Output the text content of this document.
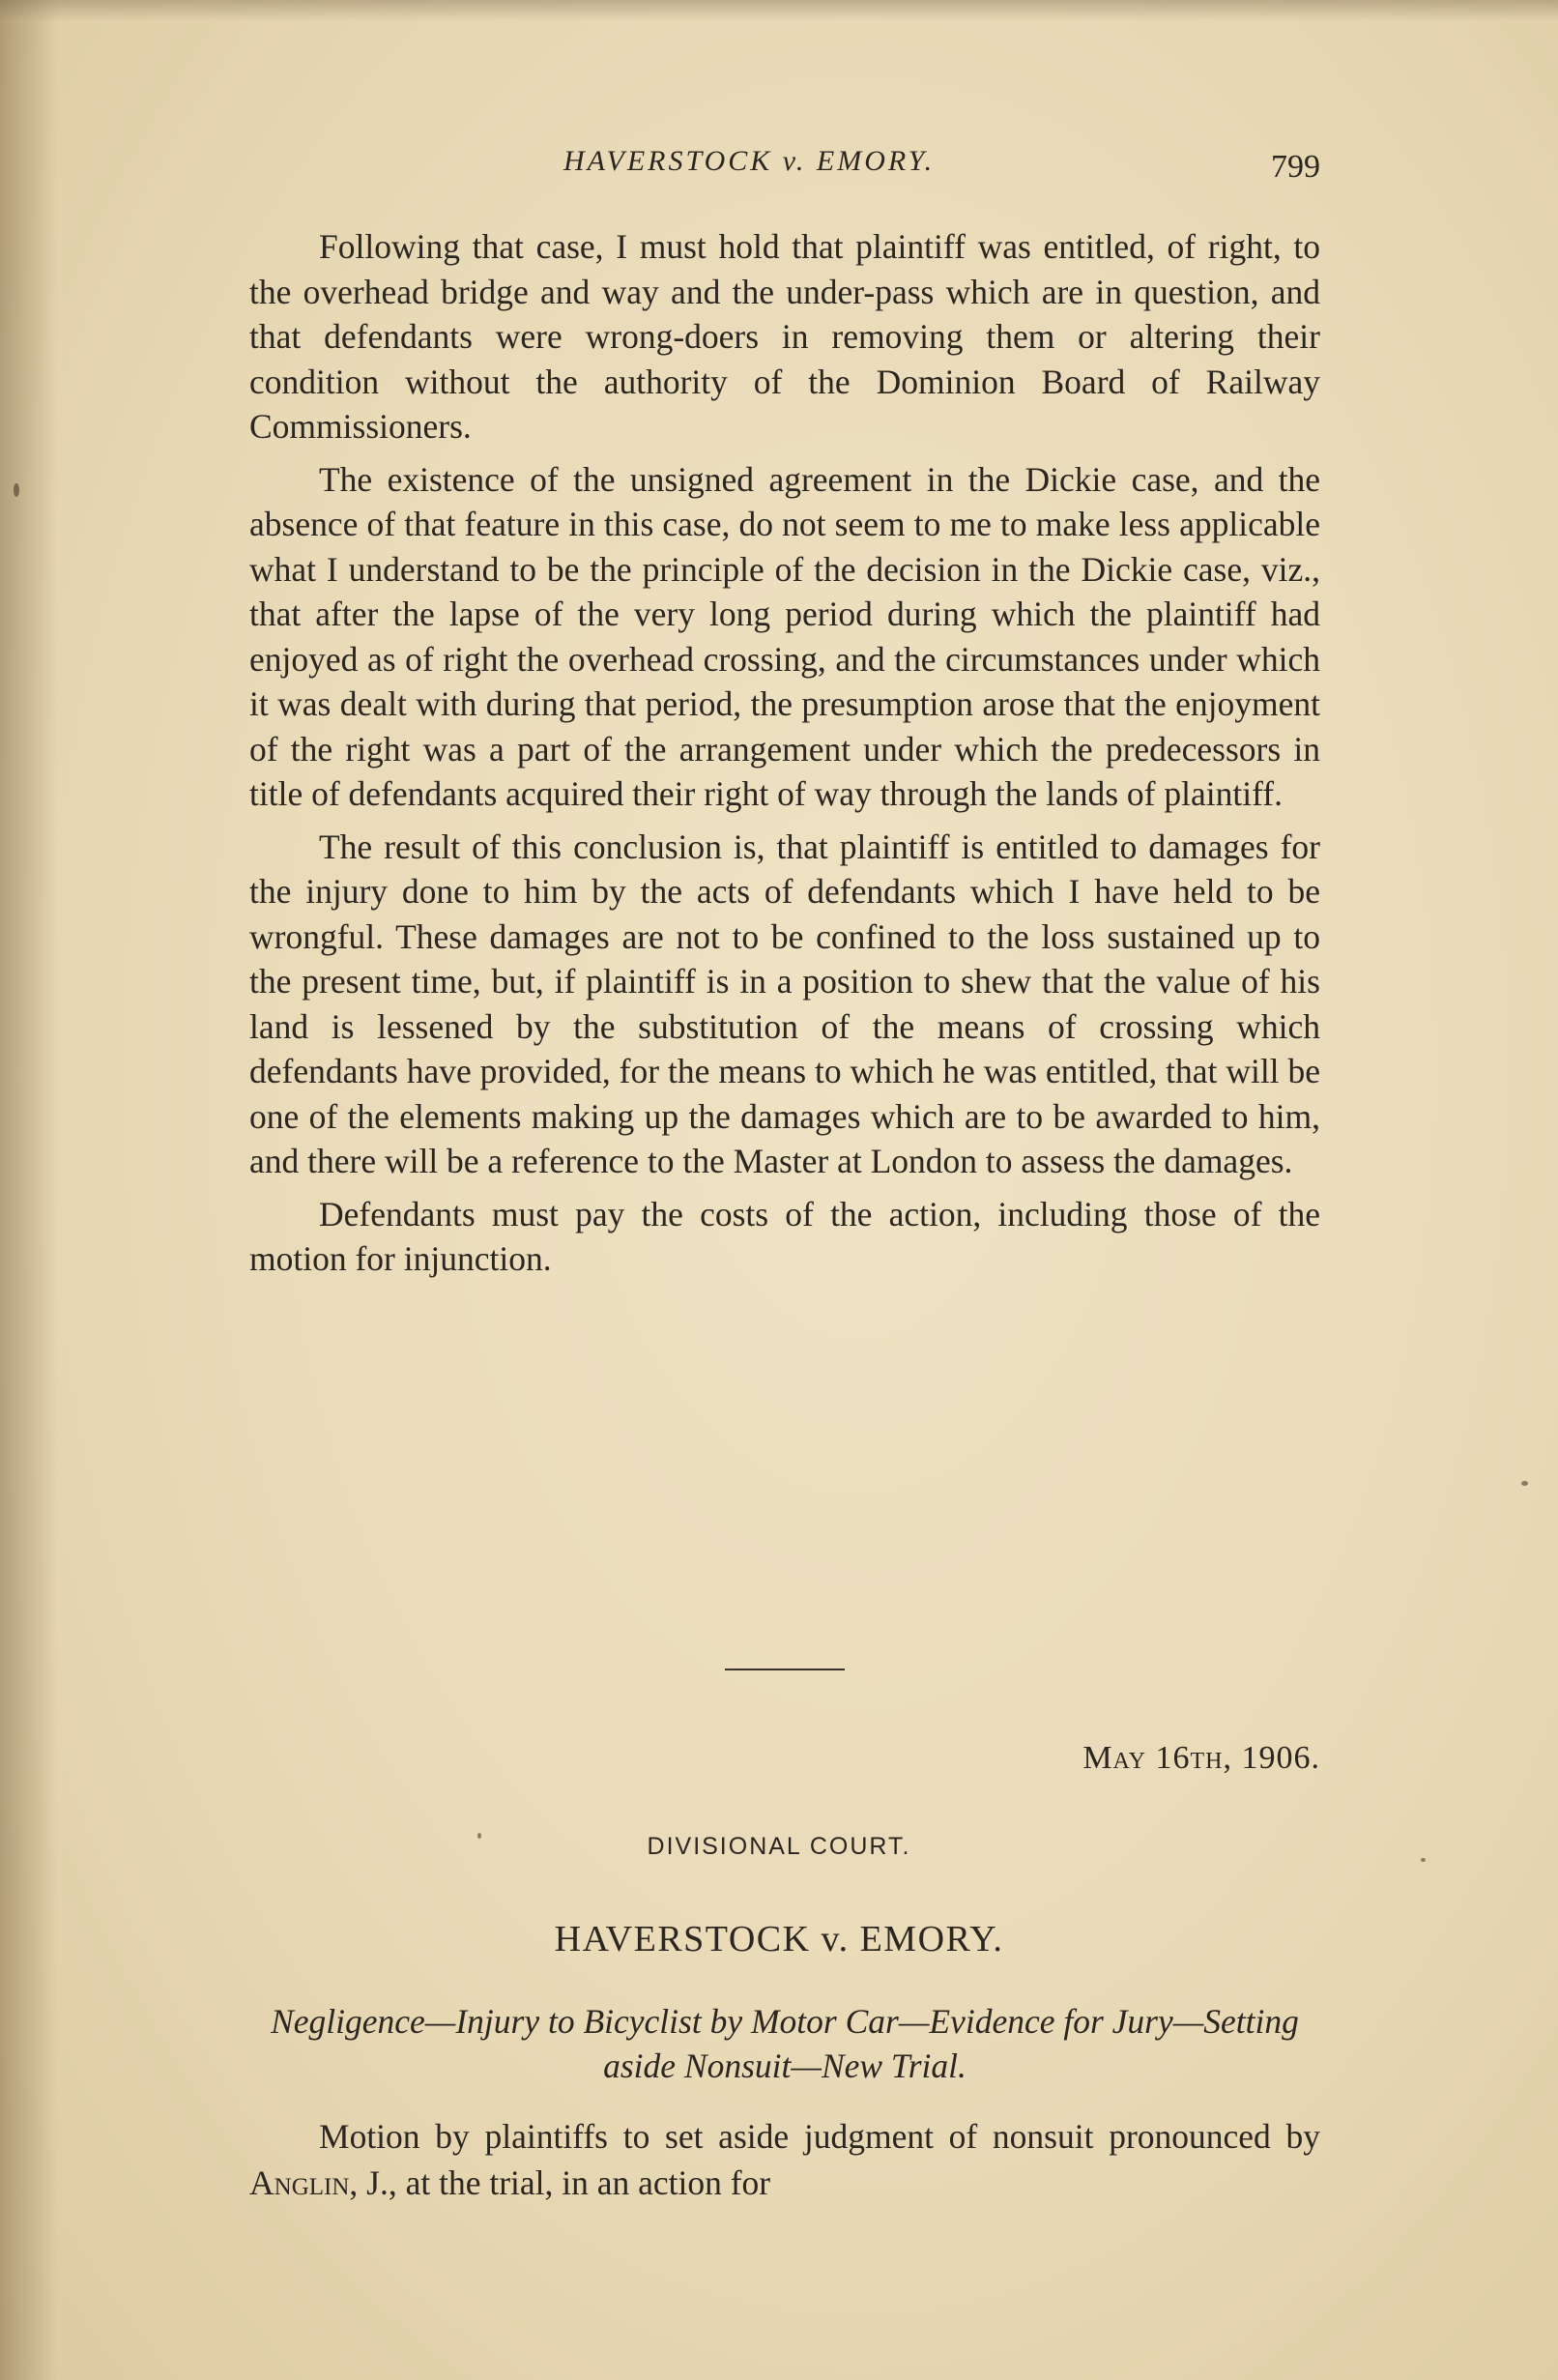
HAVERSTOCK v. EMORY.	799

Following that case, I must hold that plaintiff was entitled, of right, to the overhead bridge and way and the under-pass which are in question, and that defendants were wrong-doers in removing them or altering their condition without the authority of the Dominion Board of Railway Commissioners.

The existence of the unsigned agreement in the Dickie case, and the absence of that feature in this case, do not seem to me to make less applicable what I understand to be the principle of the decision in the Dickie case, viz., that after the lapse of the very long period during which the plaintiff had enjoyed as of right the overhead crossing, and the circumstances under which it was dealt with during that period, the presumption arose that the enjoyment of the right was a part of the arrangement under which the predecessors in title of defendants acquired their right of way through the lands of plaintiff.

The result of this conclusion is, that plaintiff is entitled to damages for the injury done to him by the acts of defendants which I have held to be wrongful. These damages are not to be confined to the loss sustained up to the present time, but, if plaintiff is in a position to shew that the value of his land is lessened by the substitution of the means of crossing which defendants have provided, for the means to which he was entitled, that will be one of the elements making up the damages which are to be awarded to him, and there will be a reference to the Master at London to assess the damages.

Defendants must pay the costs of the action, including those of the motion for injunction.

May 16th, 1906.
DIVISIONAL COURT.
HAVERSTOCK v. EMORY.
Negligence—Injury to Bicyclist by Motor Car—Evidence for Jury—Setting aside Nonsuit—New Trial.

Motion by plaintiffs to set aside judgment of nonsuit pronounced by Anglin, J., at the trial, in an action for
